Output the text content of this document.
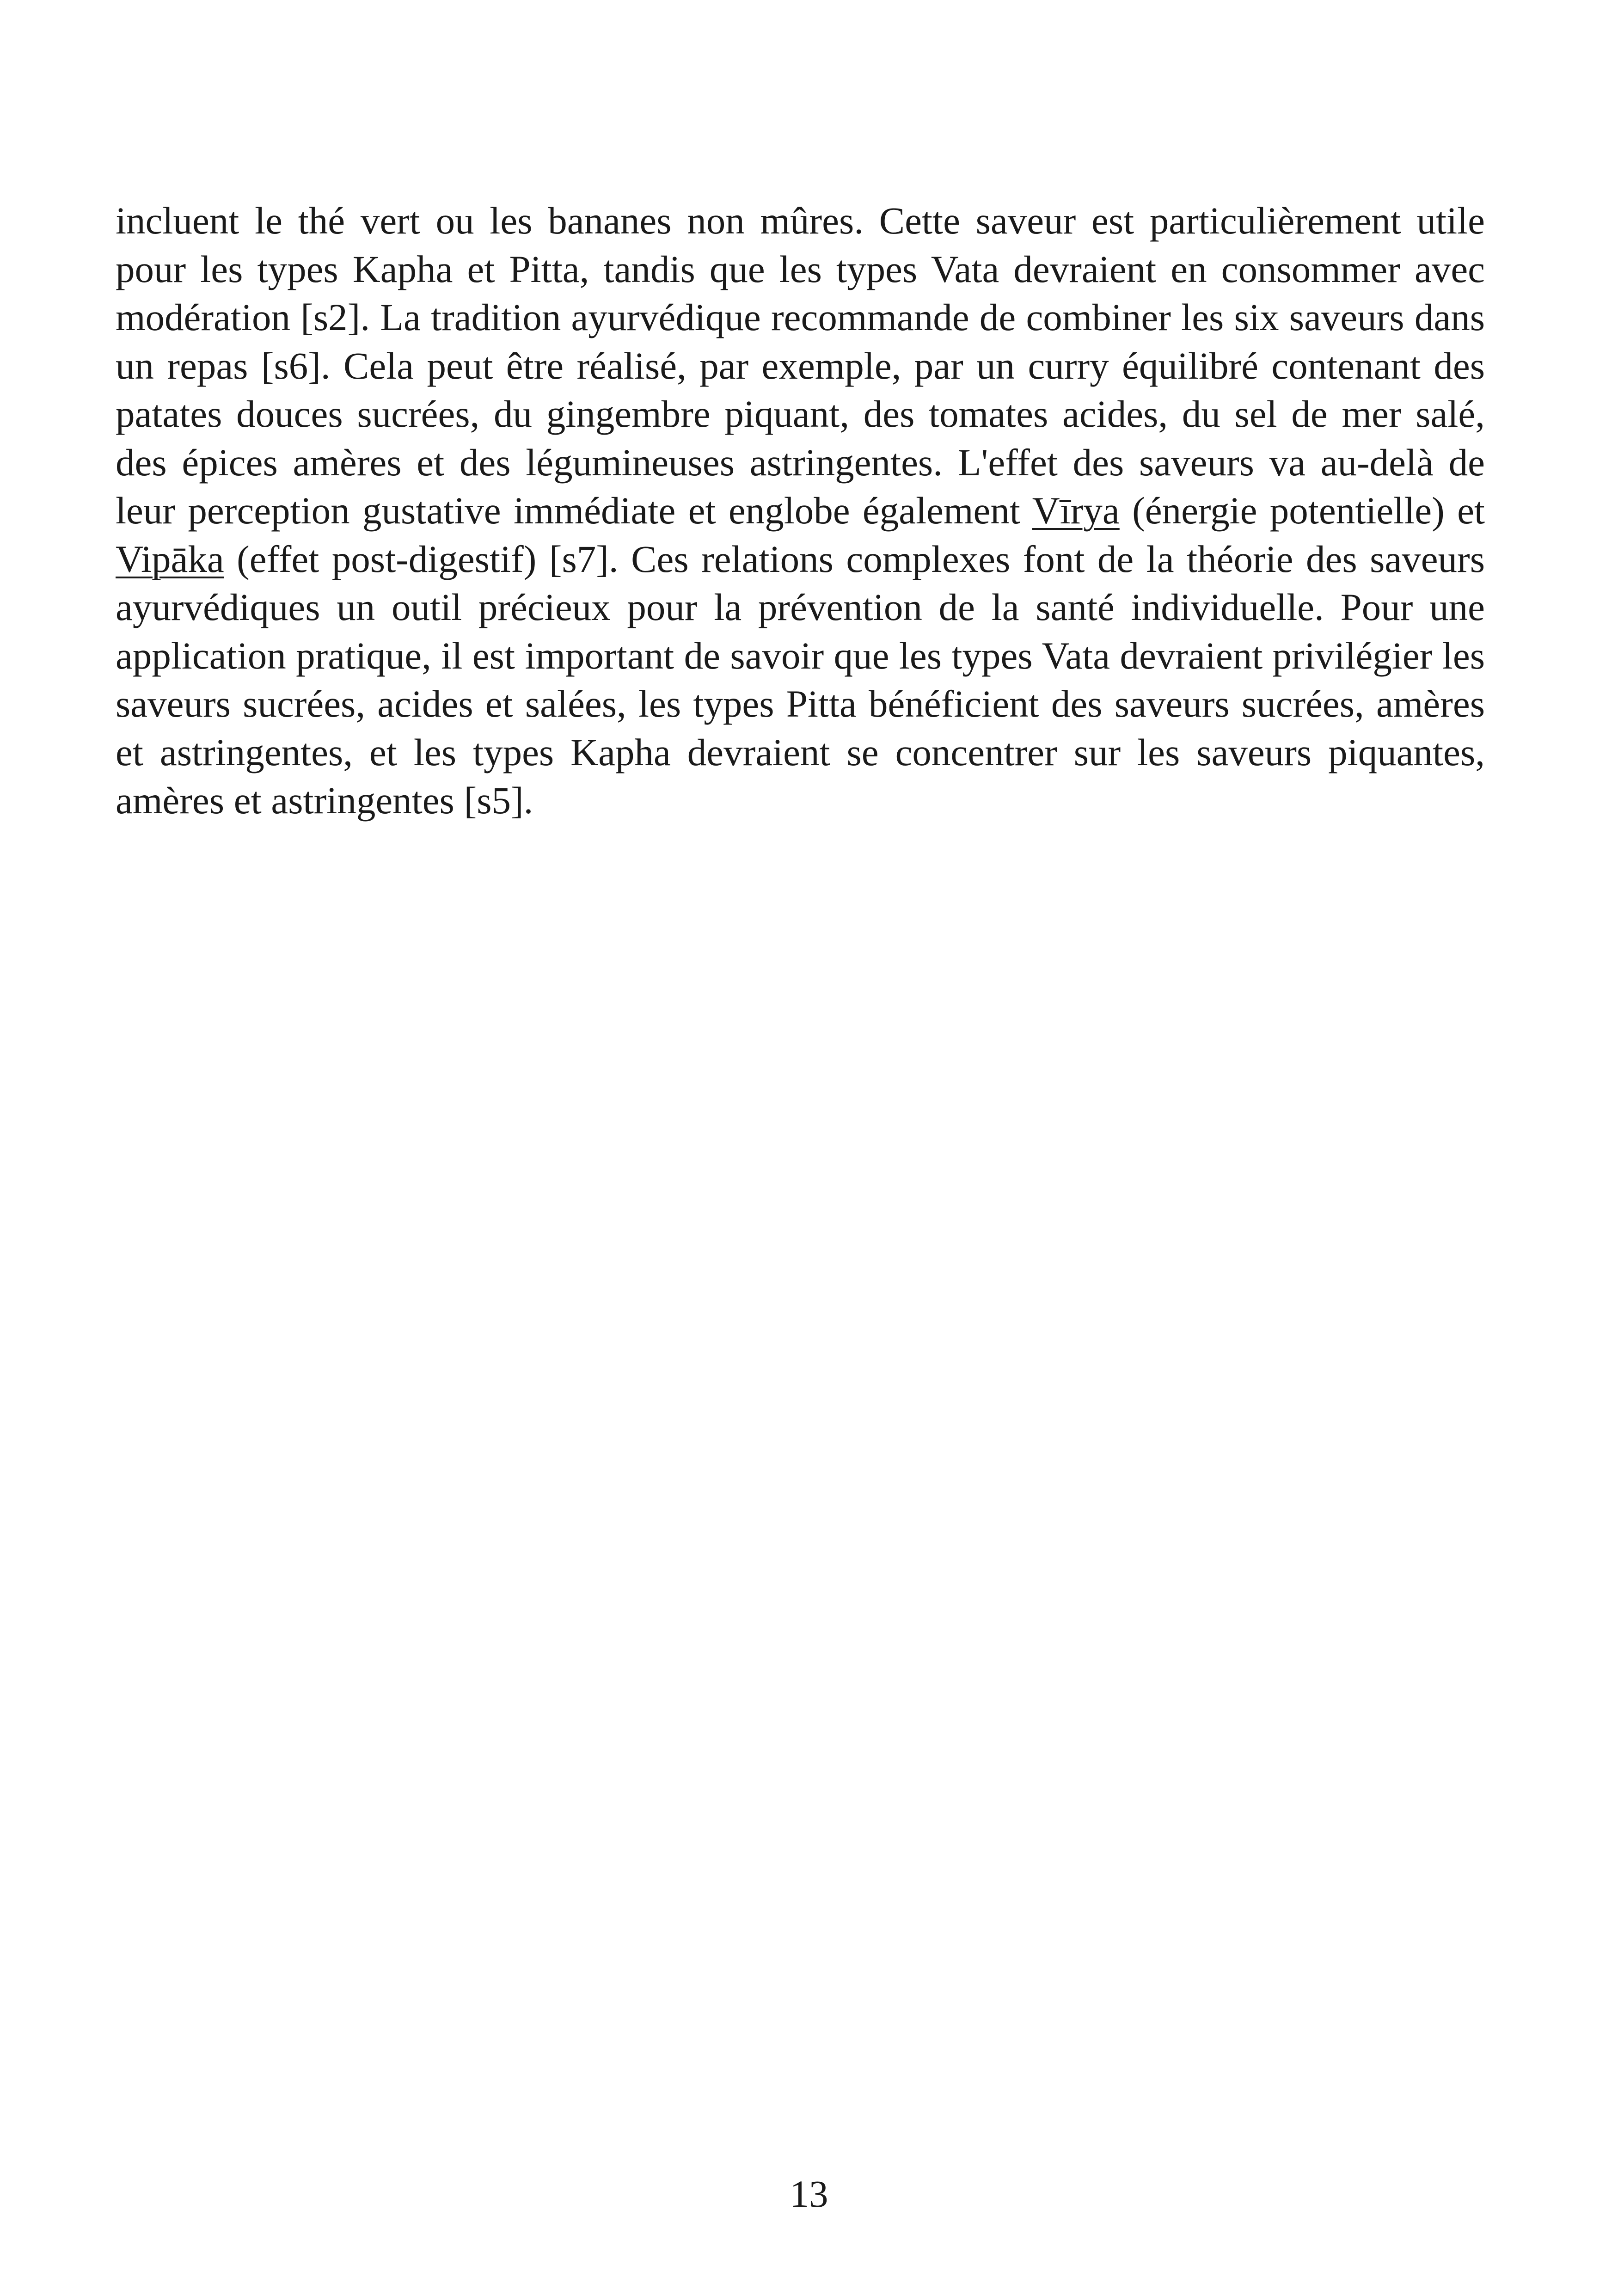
incluent le thé vert ou les bananes non mûres. Cette saveur est particulièrement utile pour les types Kapha et Pitta, tandis que les types Vata devraient en consommer avec modération [s2]. La tradition ayurvédique recommande de combiner les six saveurs dans un repas [s6]. Cela peut être réalisé, par exemple, par un curry équilibré contenant des patates douces sucrées, du gingembre piquant, des tomates acides, du sel de mer salé, des épices amères et des légumineuses astringentes. L'effet des saveurs va au-delà de leur perception gustative immédiate et englobe également Vīrya (énergie potentielle) et Vipāka (effet post-digestif) [s7]. Ces relations complexes font de la théorie des saveurs ayurvédiques un outil précieux pour la prévention de la santé individuelle. Pour une application pratique, il est important de savoir que les types Vata devraient privilégier les saveurs sucrées, acides et salées, les types Pitta bénéficient des saveurs sucrées, amères et astringentes, et les types Kapha devraient se concentrer sur les saveurs piquantes, amères et astringentes [s5].

13
